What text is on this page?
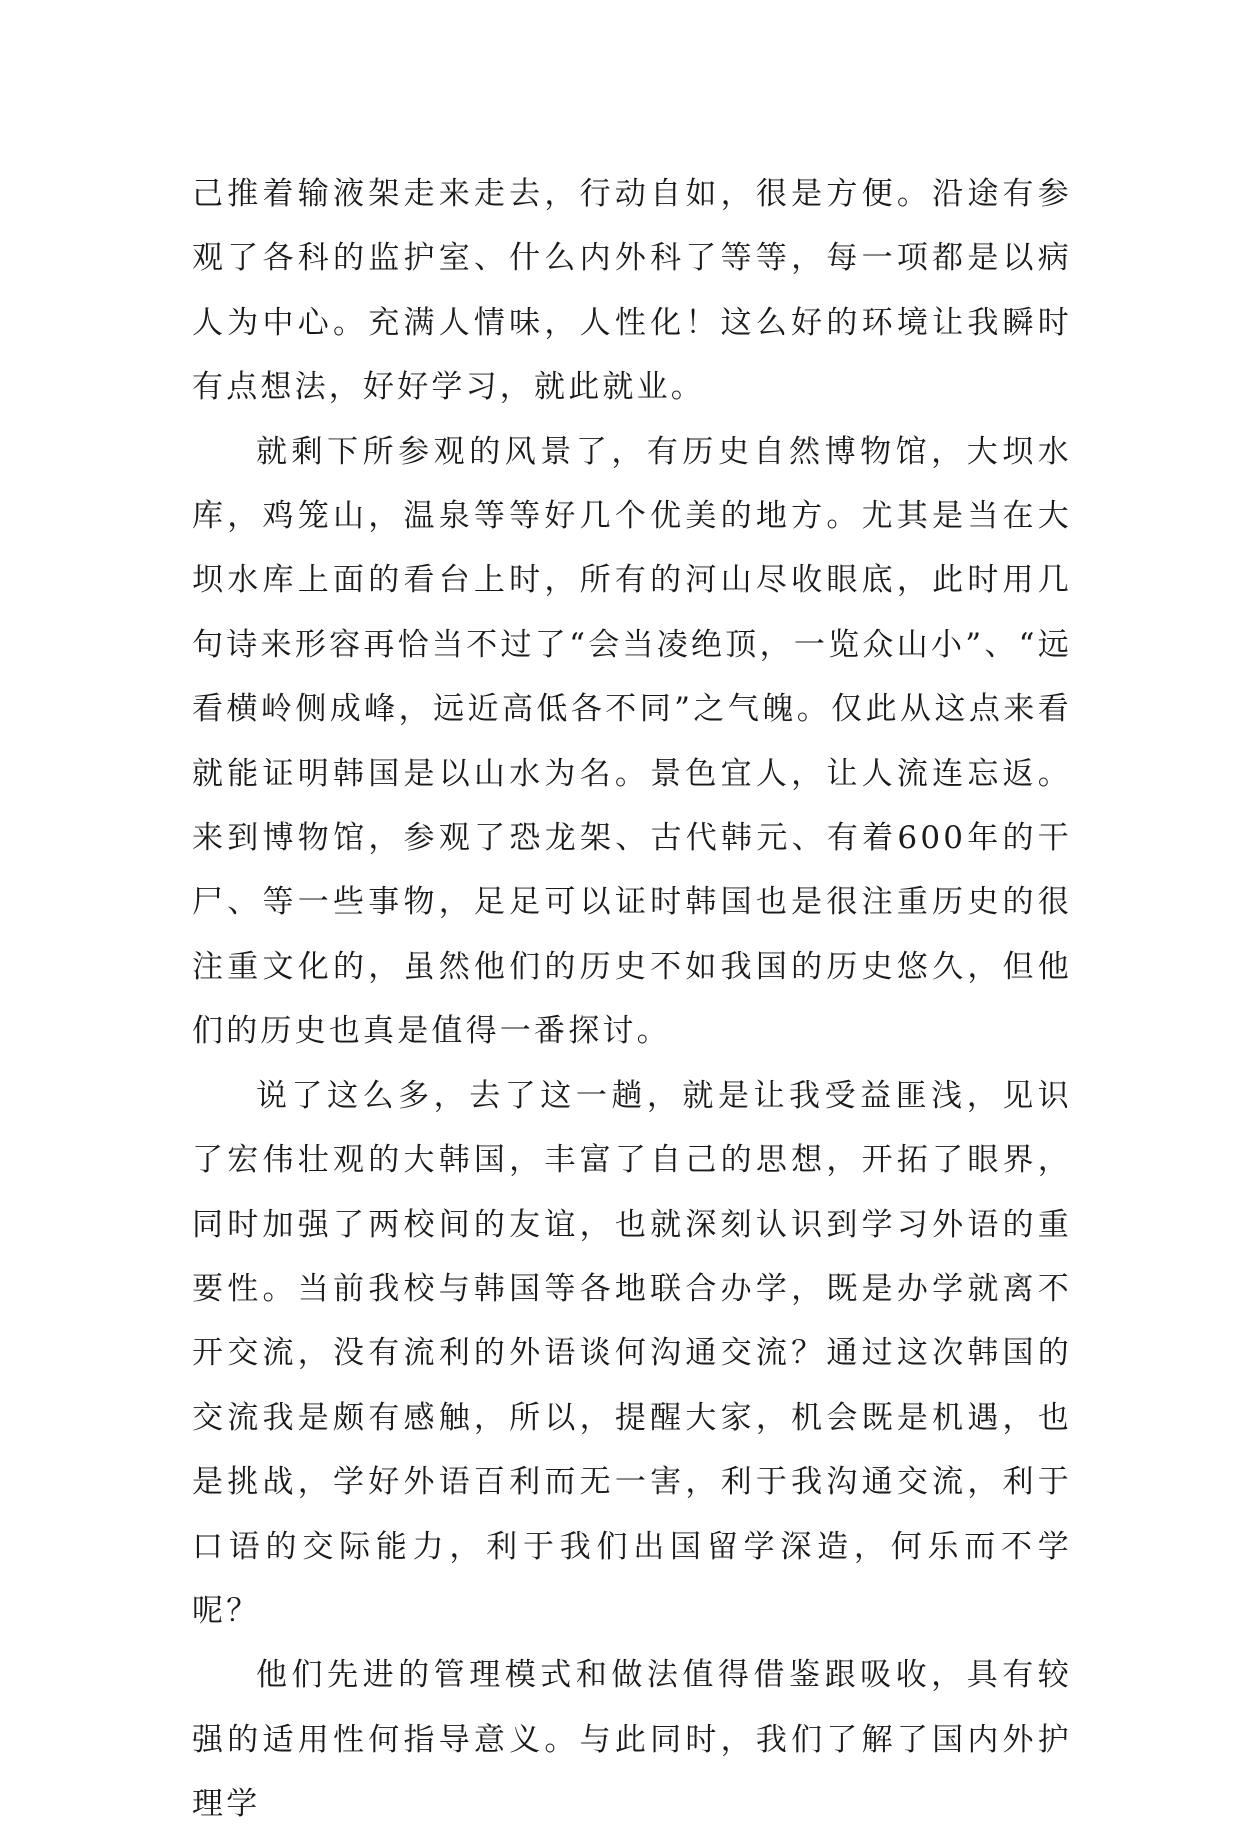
己推着输液架走来走去，行动自如，很是方便。沿途有参观了各科的监护室、什么内外科了等等，每一项都是以病人为中心。充满人情味，人性化！这么好的环境让我瞬时有点想法，好好学习，就此就业。

就剩下所参观的风景了，有历史自然博物馆，大坝水库，鸡笼山，温泉等等好几个优美的地方。尤其是当在大坝水库上面的看台上时，所有的河山尽收眼底，此时用几句诗来形容再恰当不过了“会当凌绝顶，一览众山小”、“远看横岭侧成峰，远近高低各不同”之气魄。仅此从这点来看就能证明韩国是以山水为名。景色宜人，让人流连忘返。来到博物馆，参观了恐龙架、古代韩元、有着600年的干尸、等一些事物，足足可以证时韩国也是很注重历史的很注重文化的，虽然他们的历史不如我国的历史悠久，但他们的历史也真是值得一番探讨。

说了这么多，去了这一趟，就是让我受益匪浅，见识了宏伟壮观的大韩国，丰富了自己的思想，开拓了眼界，同时加强了两校间的友谊，也就深刻认识到学习外语的重要性。当前我校与韩国等各地联合办学，既是办学就离不开交流，没有流利的外语谈何沟通交流？通过这次韩国的交流我是颇有感触，所以，提醒大家，机会既是机遇，也是挑战，学好外语百利而无一害，利于我沟通交流，利于口语的交际能力，利于我们出国留学深造，何乐而不学呢？

他们先进的管理模式和做法值得借鉴跟吸收，具有较强的适用性何指导意义。与此同时，我们了解了国内外护理学
